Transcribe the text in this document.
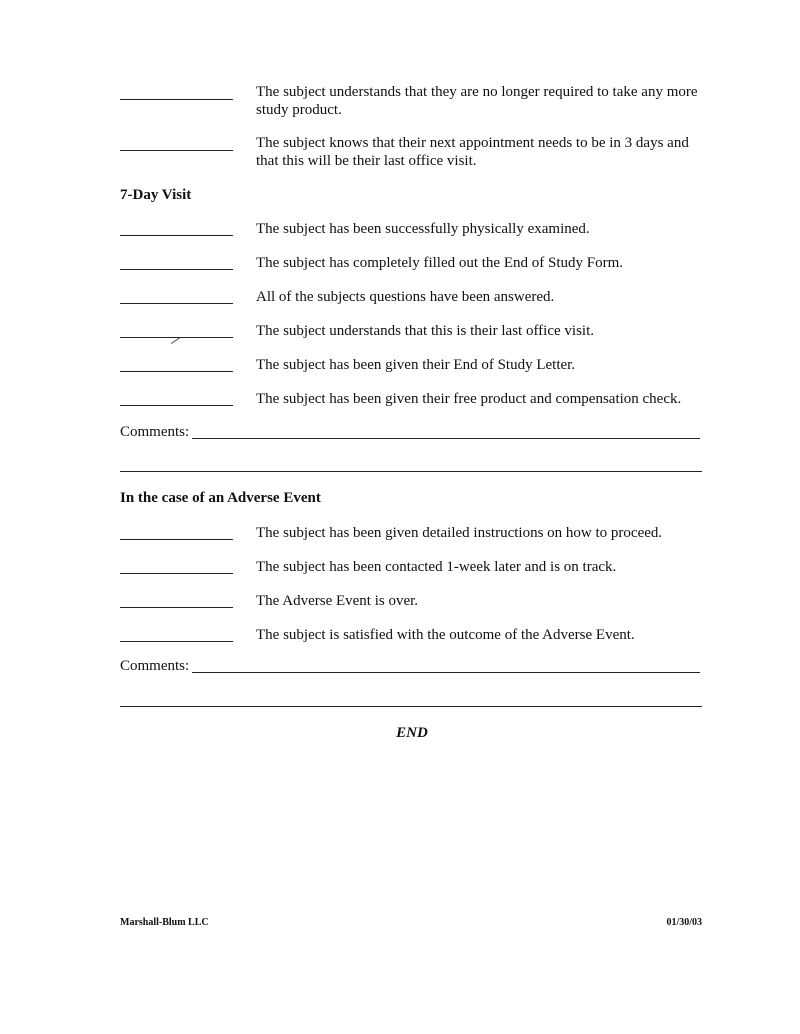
The subject understands that they are no longer required to take any more study product.
The subject knows that their next appointment needs to be in 3 days and that this will be their last office visit.
7-Day Visit
The subject has been successfully physically examined.
The subject has completely filled out the End of Study Form.
All of the subjects questions have been answered.
The subject understands that this is their last office visit.
The subject has been given their End of Study Letter.
The subject has been given their free product and compensation check.
Comments:
In the case of an Adverse Event
The subject has been given detailed instructions on how to proceed.
The subject has been contacted 1-week later and is on track.
The Adverse Event is over.
The subject is satisfied with the outcome of the Adverse Event.
Comments:
END
Marshall-Blum LLC	01/30/03
